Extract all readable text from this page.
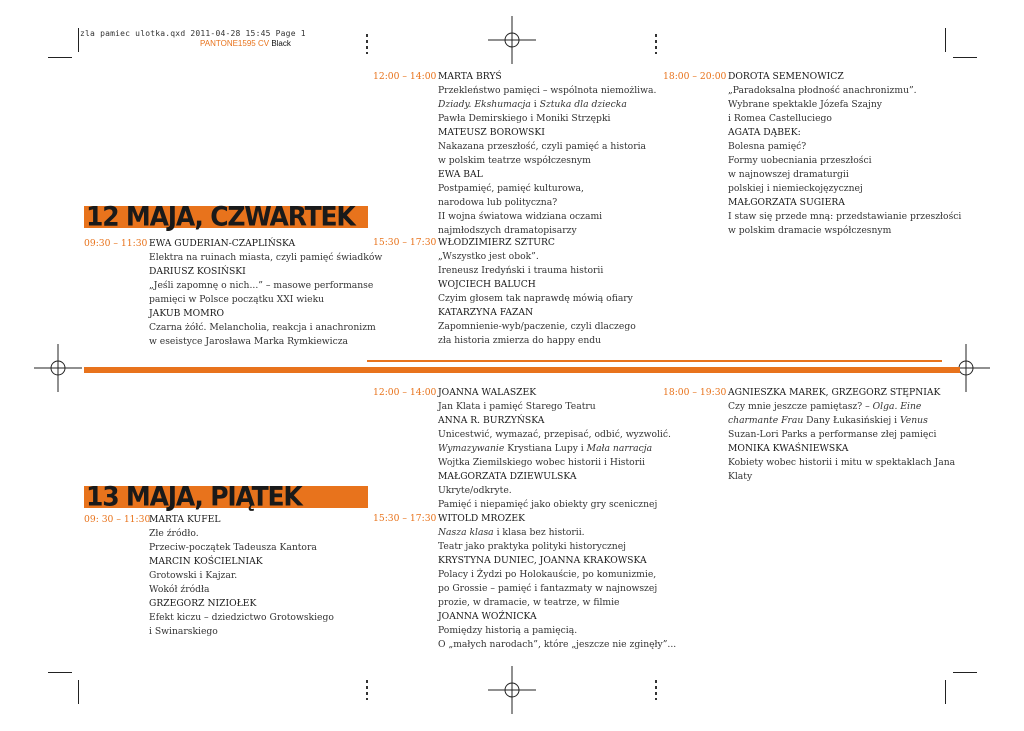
zla pamiec ulotka.qxd 2011-04-28 15:45 Page 1
PANTONE1595 CV Black
12 MAJA, CZWARTEK
13 MAJA, PIĄTEK
09:30 – 11:30 EWA GUDERIAN-CZAPLIŃSKA
Elektra na ruinach miasta, czyli pamięć świadków
DARIUSZ KOSIŃSKI
„Jeśli zapomnę o nich...” – masowe performanse
pamięci w Polsce początku XXI wieku
JAKUB MOMRO
Czarna żółć. Melancholia, reakcja i anachronizm
w eseistyce Jarosława Marka Rymkiewicza
12:00 – 14:00 MARTA BRYŚ
Przekleństwo pamięci – wspólnota niemożliwa.
Dziady. Ekshumacja i Sztuka dla dziecka
Pawła Demirskiego i Moniki Strzępki
MATEUSZ BOROWSKI
Nakazana przeszłość, czyli pamięć a historia
w polskim teatrze współczesnym
EWA BAL
Postpamięć, pamięć kulturowa,
narodowa lub polityczna?
II wojna światowa widziana oczami
najmłodszych dramatopisarzy
15:30 – 17:30 WŁODZIMIERZ SZTURC
„Wszystko jest obok”.
Ireneusz Iredyński i trauma historii
WOJCIECH BALUCH
Czyim głosem tak naprawdę mówią ofiary
KATARZYNA FAZAN
Zapomnienie-wyb/paczenie, czyli dlaczego
zła historia zmierza do happy endu
18:00 – 20:00 DOROTA SEMENOWICZ
„Paradoksalna płodność anachronizmu”.
Wybrane spektakle Józefa Szajny
i Romea Castelluciego
AGATA DĄBEK:
Bolesna pamięć?
Formy uobecniania przeszłości
w najnowszej dramaturgii
polskiej i niemieckojęzycznej
MAŁGORZATA SUGIERA
I staw się przede mną: przedstawianie przeszłości
w polskim dramacie współczesnym
09: 30 – 11:30
MARTA KUFEL
Złe źródło.
Przeciw-początek Tadeusza Kantora
MARCIN KOŚCIELNIAK
Grotowski i Kajzar.
Wokół źródła
GRZEGORZ NIZIOŁEK
Efekt kiczu – dziedzictwo Grotowskiego
i Swinarskiego
12:00 – 14:00 JOANNA WALASZEK
Jan Klata i pamięć Starego Teatru
ANNA R. BURZYŃSKA
Unicestwić, wymazać, przepisać, odbić, wyzwolić.
Wymazywanie Krystiana Lupy i Mała narracja
Wojtka Ziemilskiego wobec historii i Historii
MAŁGORZATA DZIEWULSKA
Ukryte/odkryte.
Pamięć i niepamięć jako obiekty gry scenicznej
15:30 – 17:30 WITOLD MROZEK
Nasza klasa i klasa bez historii.
Teatr jako praktyka polityki historycznej
KRYSTYNA DUNIEC, JOANNA KRAKOWSKA
Polacy i Żydzi po Holokauście, po komunizmie,
po Grossie – pamięć i fantazmaty w najnowszej
prozie, w dramacie, w teatrze, w filmie
JOANNA WOŹNICKA
Pomiędzy historią a pamięcią.
O „małych narodach”, które „jeszcze nie zginęły”...
18:00 – 19:30 AGNIESZKA MAREK, GRZEGORZ STĘPNIAK
Czy mnie jeszcze pamiętasz? – Olga. Eine
charmante Frau Dany Łukasińskiej i Venus
Suzan-Lori Parks a performanse złej pamięci
MONIKA KWAŚNIEWSKA
Kobiety wobec historii i mitu w spektaklach Jana
Klaty
